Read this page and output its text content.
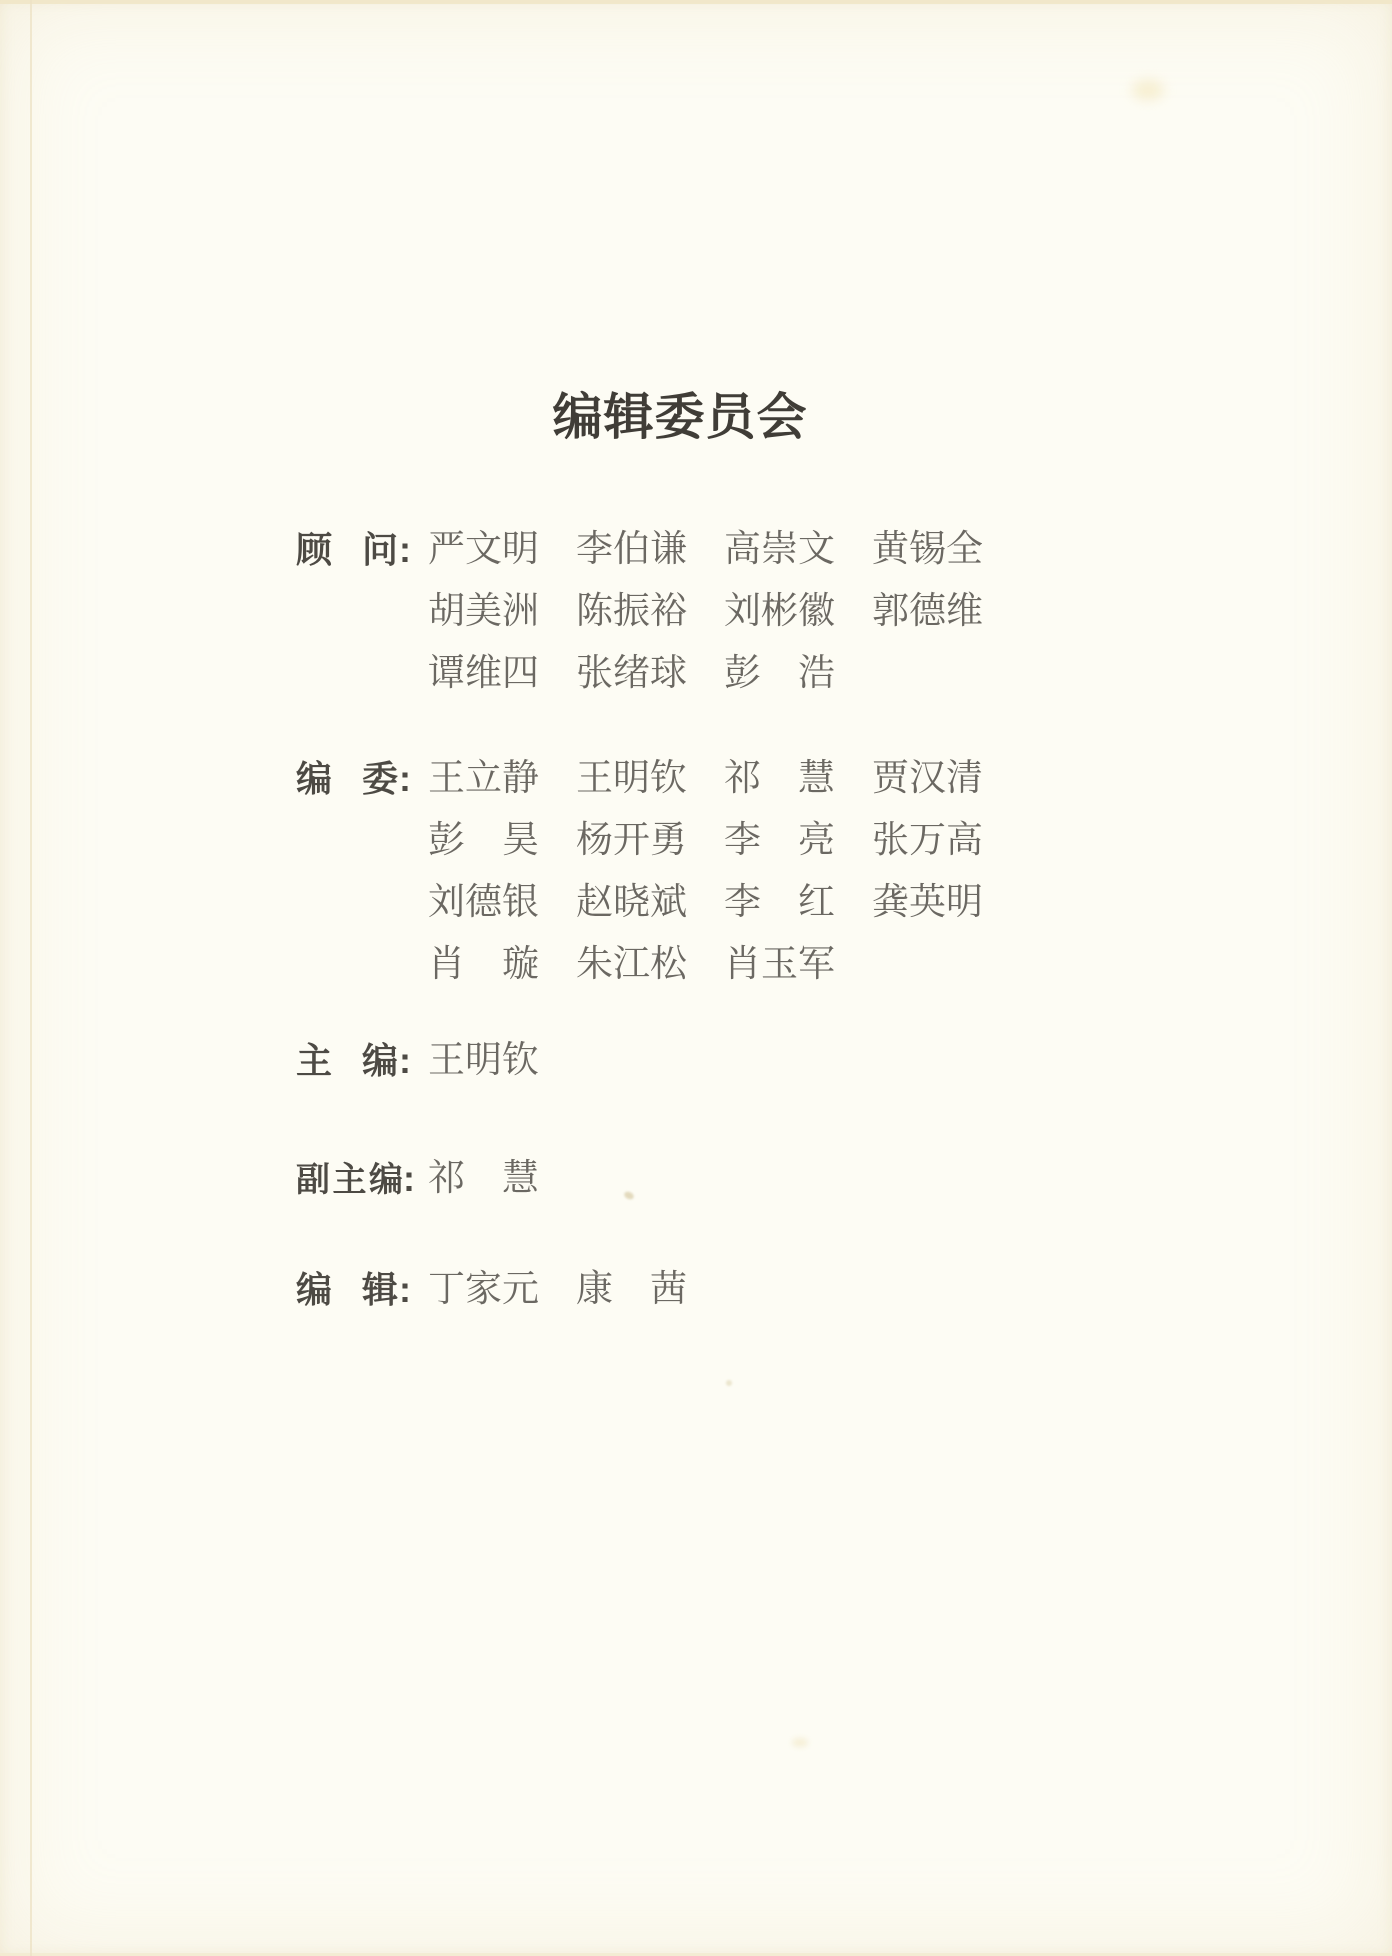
编辑委员会
顾问: 严文明 李伯谦 高崇文 黄锡全
胡美洲 陈振裕 刘彬徽 郭德维
谭维四 张绪球 彭浩
编委: 王立静 王明钦 祁慧 贾汉清
彭昊 杨开勇 李亮 张万高
刘德银 赵晓斌 李红 龚英明
肖璇 朱江松 肖玉军
主编: 王明钦
副主编: 祁慧
编辑: 丁家元 康茜
